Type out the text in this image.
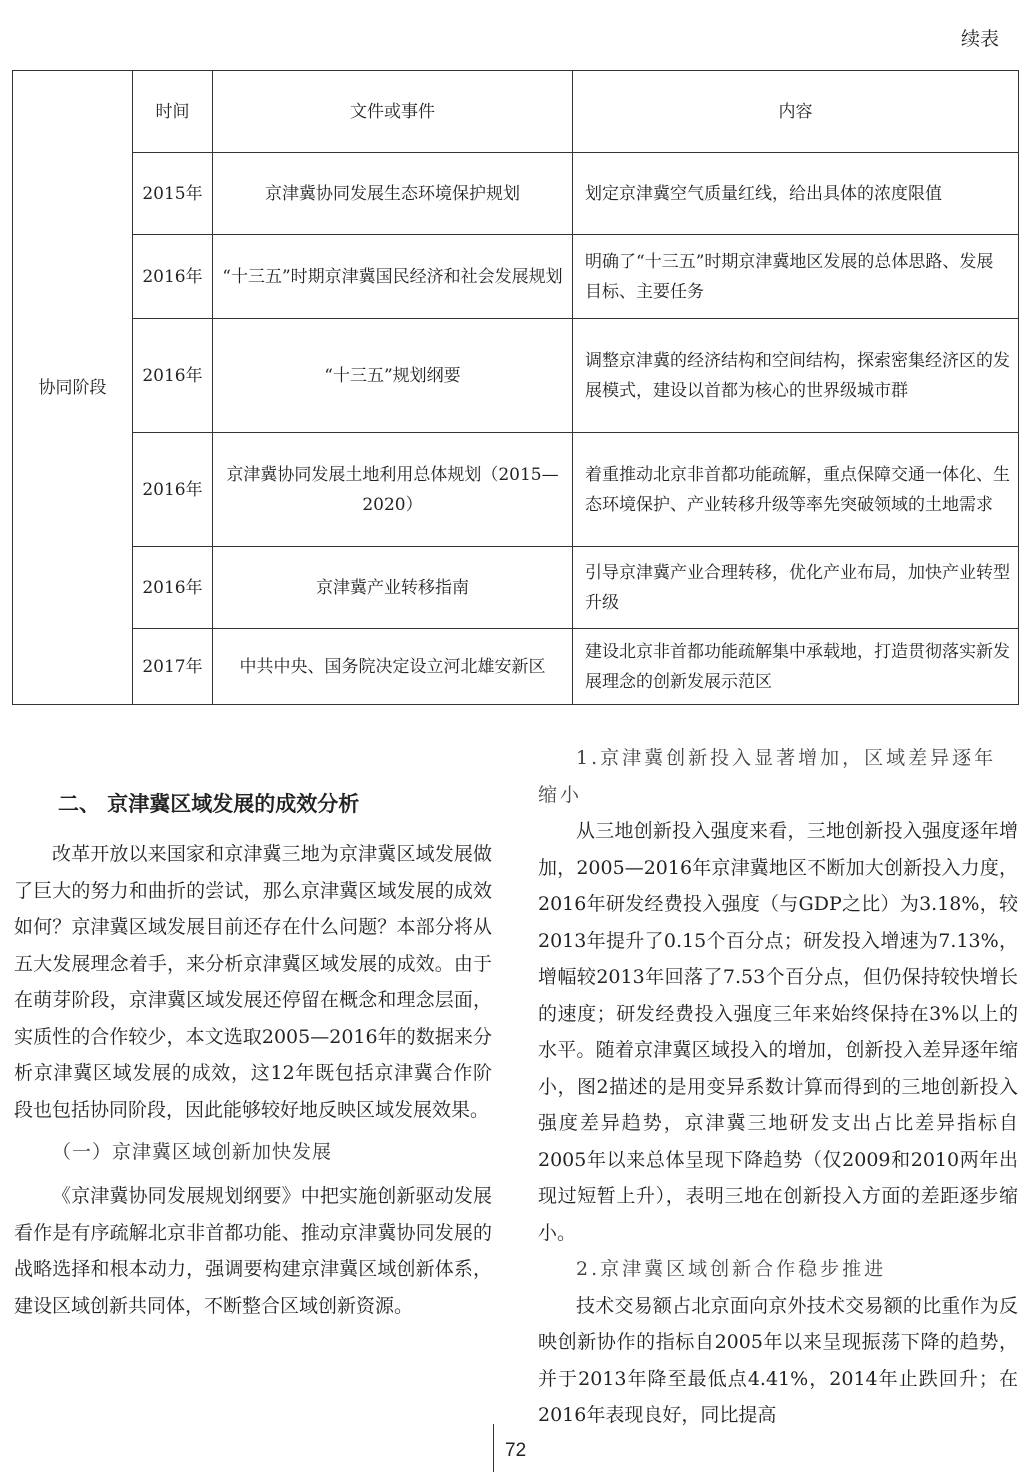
续表
协同阶段	时间	文件或事件	内容
	2015年	京津冀协同发展生态环境保护规划	划定京津冀空气质量红线，给出具体的浓度限值
	2016年	“十三五”时期京津冀国民经济和社会发展规划	明确了“十三五”时期京津冀地区发展的总体思路、发展目标、主要任务
	2016年	“十三五”规划纲要	调整京津冀的经济结构和空间结构，探索密集经济区的发展模式，建设以首都为核心的世界级城市群
	2016年	京津冀协同发展土地利用总体规划（2015—2020）	着重推动北京非首都功能疏解，重点保障交通一体化、生态环境保护、产业转移升级等率先突破领域的土地需求
	2016年	京津冀产业转移指南	引导京津冀产业合理转移，优化产业布局，加快产业转型升级
	2017年	中共中央、国务院决定设立河北雄安新区	建设北京非首都功能疏解集中承载地，打造贯彻落实新发展理念的创新发展示范区
二、 京津冀区域发展的成效分析

改革开放以来国家和京津冀三地为京津冀区域发展做了巨大的努力和曲折的尝试，那么京津冀区域发展的成效如何？京津冀区域发展目前还存在什么问题？本部分将从五大发展理念着手，来分析京津冀区域发展的成效。由于在萌芽阶段，京津冀区域发展还停留在概念和理念层面，实质性的合作较少，本文选取2005—2016年的数据来分析京津冀区域发展的成效，这12年既包括京津冀合作阶段也包括协同阶段，因此能够较好地反映区域发展效果。

（一）京津冀区域创新加快发展

《京津冀协同发展规划纲要》中把实施创新驱动发展看作是有序疏解北京非首都功能、推动京津冀协同发展的战略选择和根本动力，强调要构建京津冀区域创新体系，建设区域创新共同体，不断整合区域创新资源。

1.京津冀创新投入显著增加，区域差异逐年缩小

从三地创新投入强度来看，三地创新投入强度逐年增加，2005—2016年京津冀地区不断加大创新投入力度，2016年研发经费投入强度（与GDP之比）为3.18%，较2013年提升了0.15个百分点；研发投入增速为7.13%，增幅较2013年回落了7.53个百分点，但仍保持较快增长的速度；研发经费投入强度三年来始终保持在3%以上的水平。随着京津冀区域投入的增加，创新投入差异逐年缩小，图2描述的是用变异系数计算而得到的三地创新投入强度差异趋势，京津冀三地研发支出占比差异指标自2005年以来总体呈现下降趋势（仅2009和2010两年出现过短暂上升），表明三地在创新投入方面的差距逐步缩小。

2.京津冀区域创新合作稳步推进

技术交易额占北京面向京外技术交易额的比重作为反映创新协作的指标自2005年以来呈现振荡下降的趋势，并于2013年降至最低点4.41%，2014年止跌回升；在2016年表现良好，同比提高

72
